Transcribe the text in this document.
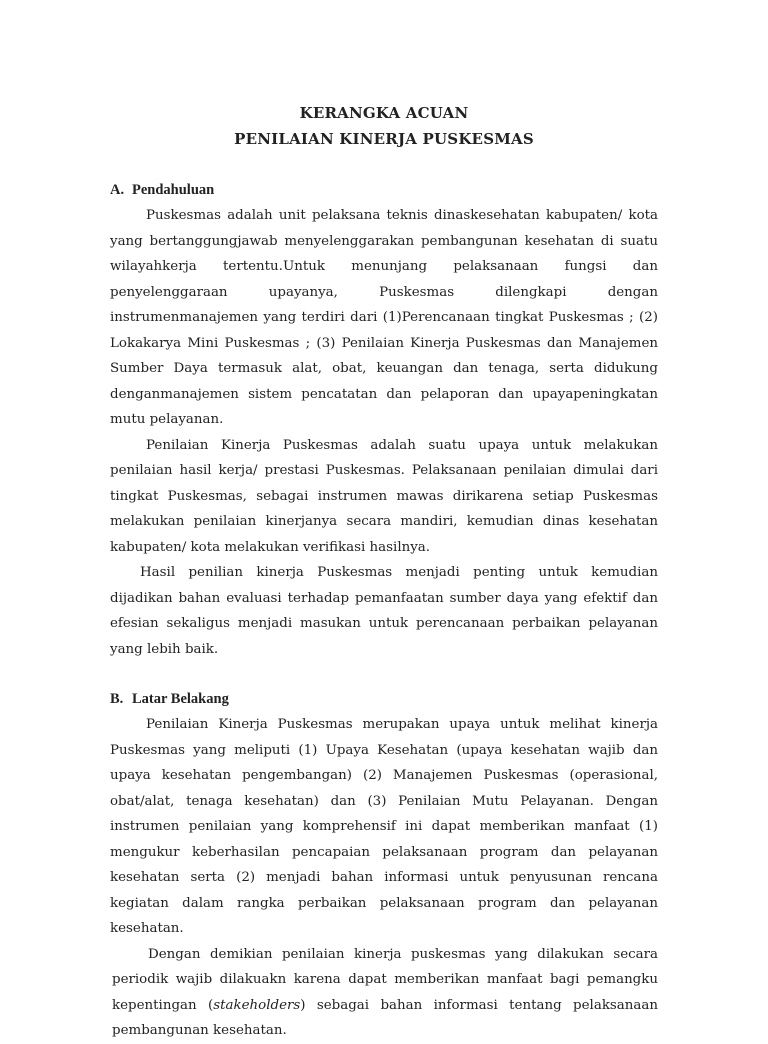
KERANGKA ACUAN
PENILAIAN KINERJA PUSKESMAS
A. Pendahuluan

Puskesmas adalah unit pelaksana teknis dinaskesehatan kabupaten/ kota yang bertanggungjawab menyelenggarakan pembangunan kesehatan di suatu wilayahkerja tertentu.Untuk menunjang pelaksanaan fungsi dan penyelenggaraan upayanya, Puskesmas dilengkapi dengan instrumenmanajemen yang terdiri dari (1)Perencanaan tingkat Puskesmas ; (2) Lokakarya Mini Puskesmas ; (3) Penilaian Kinerja Puskesmas dan Manajemen Sumber Daya termasuk alat, obat, keuangan dan tenaga, serta didukung denganmanajemen sistem pencatatan dan pelaporan dan upayapeningkatan mutu pelayanan.

Penilaian Kinerja Puskesmas adalah suatu upaya untuk melakukan penilaian hasil kerja/ prestasi Puskesmas. Pelaksanaan penilaian dimulai dari tingkat Puskesmas, sebagai instrumen mawas dirikarena setiap Puskesmas melakukan penilaian kinerjanya secara mandiri, kemudian dinas kesehatan kabupaten/ kota melakukan verifikasi hasilnya.

Hasil penilian kinerja Puskesmas menjadi penting untuk kemudian dijadikan bahan evaluasi terhadap pemanfaatan sumber daya yang efektif dan efesian sekaligus menjadi masukan untuk perencanaan perbaikan pelayanan yang lebih baik.

B. Latar Belakang

Penilaian Kinerja Puskesmas merupakan upaya untuk melihat kinerja Puskesmas yang meliputi (1) Upaya Kesehatan (upaya kesehatan wajib dan upaya kesehatan pengembangan) (2) Manajemen Puskesmas (operasional, obat/alat, tenaga kesehatan) dan (3) Penilaian Mutu Pelayanan. Dengan instrumen penilaian yang komprehensif ini dapat memberikan manfaat (1) mengukur keberhasilan pencapaian pelaksanaan program dan pelayanan kesehatan serta (2) menjadi bahan informasi untuk penyusunan rencana kegiatan dalam rangka perbaikan pelaksanaan program dan pelayanan kesehatan.

Dengan demikian penilaian kinerja puskesmas yang dilakukan secara periodik wajib dilakuakn karena dapat memberikan manfaat bagi pemangku kepentingan (stakeholders) sebagai bahan informasi tentang pelaksanaan pembangunan kesehatan.
